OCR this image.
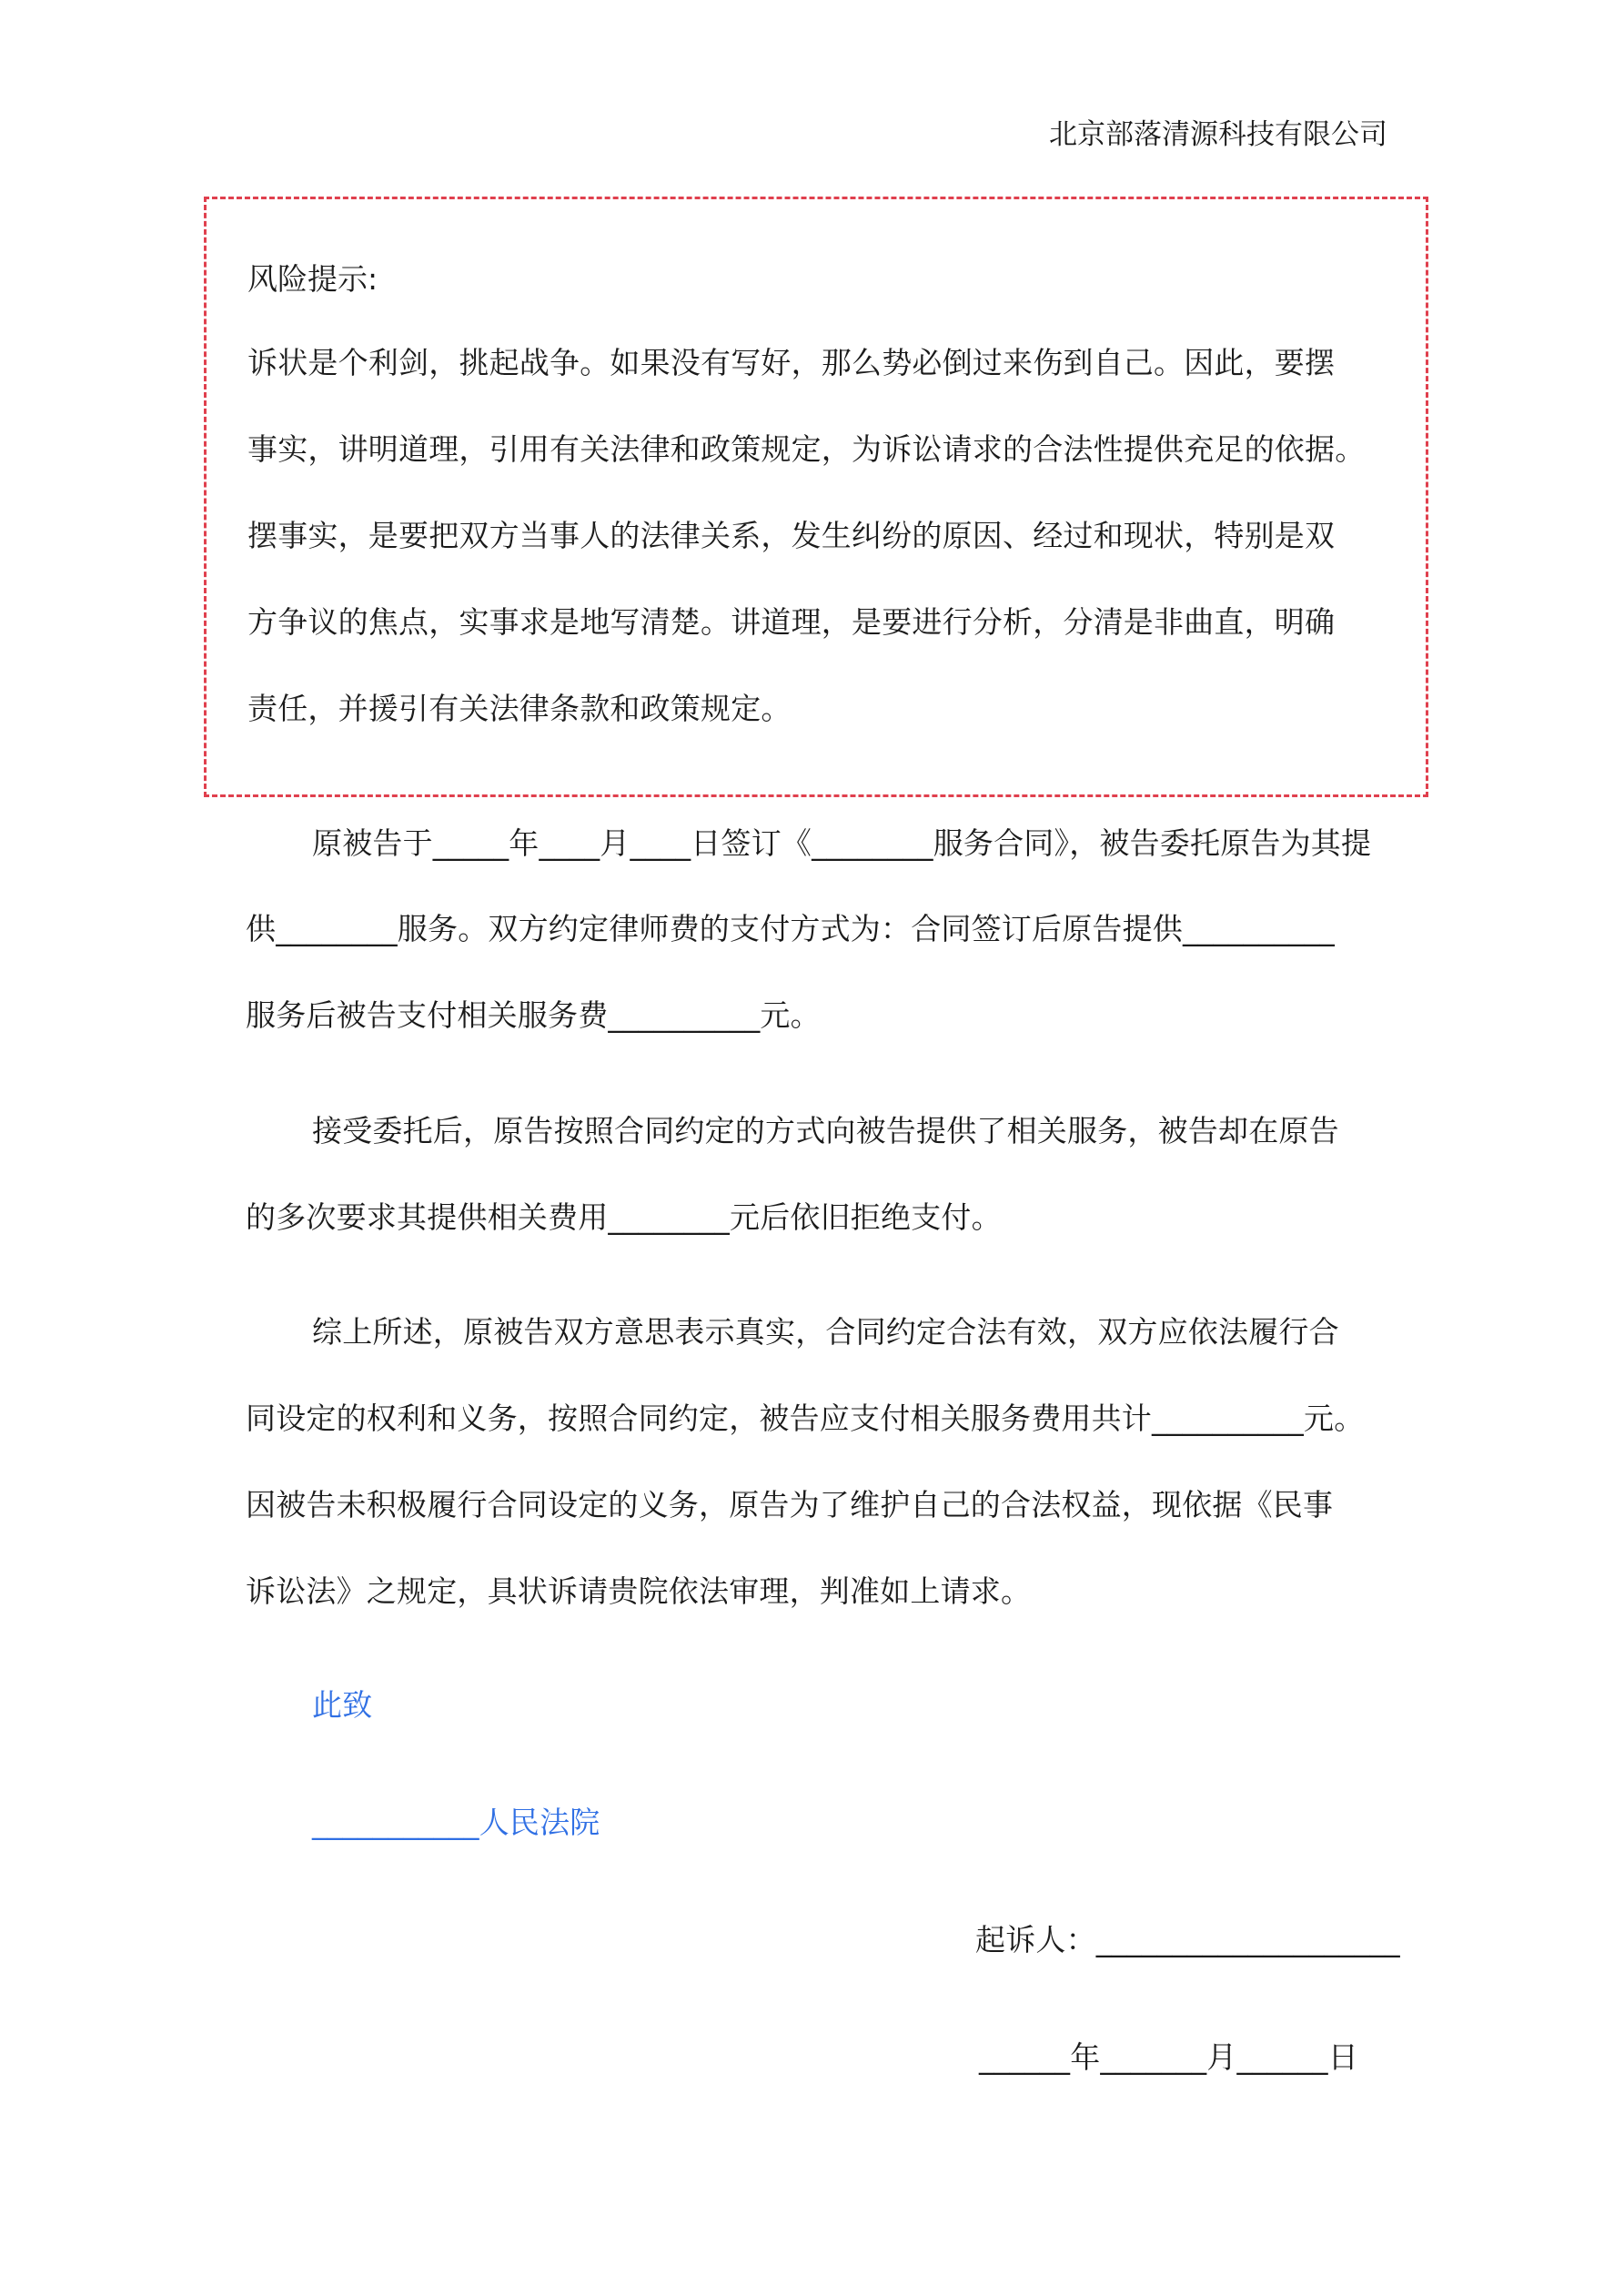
北京部落清源科技有限公司
风险提示:
诉状是个利剑，挑起战争。如果没有写好，那么势必倒过来伤到自己。因此，要摆
事实，讲明道理，引用有关法律和政策规定，为诉讼请求的合法性提供充足的依据。
摆事实，是要把双方当事人的法律关系，发生纠纷的原因、经过和现状，特别是双
方争议的焦点，实事求是地写清楚。讲道理，是要进行分析，分清是非曲直，明确
责任，并援引有关法律条款和政策规定。
原被告于_____年____月____日签订《________服务合同》，被告委托原告为其提
供________服务。双方约定律师费的支付方式为：合同签订后原告提供__________
服务后被告支付相关服务费__________元。
接受委托后，原告按照合同约定的方式向被告提供了相关服务，被告却在原告
的多次要求其提供相关费用________元后依旧拒绝支付。
综上所述，原被告双方意思表示真实，合同约定合法有效，双方应依法履行合
同设定的权利和义务，按照合同约定，被告应支付相关服务费用共计__________元。
因被告未积极履行合同设定的义务，原告为了维护自己的合法权益，现依据《民事
诉讼法》之规定，具状诉请贵院依法审理，判准如上请求。
此致
___________人民法院
起诉人：____________________
______年_______月______日
